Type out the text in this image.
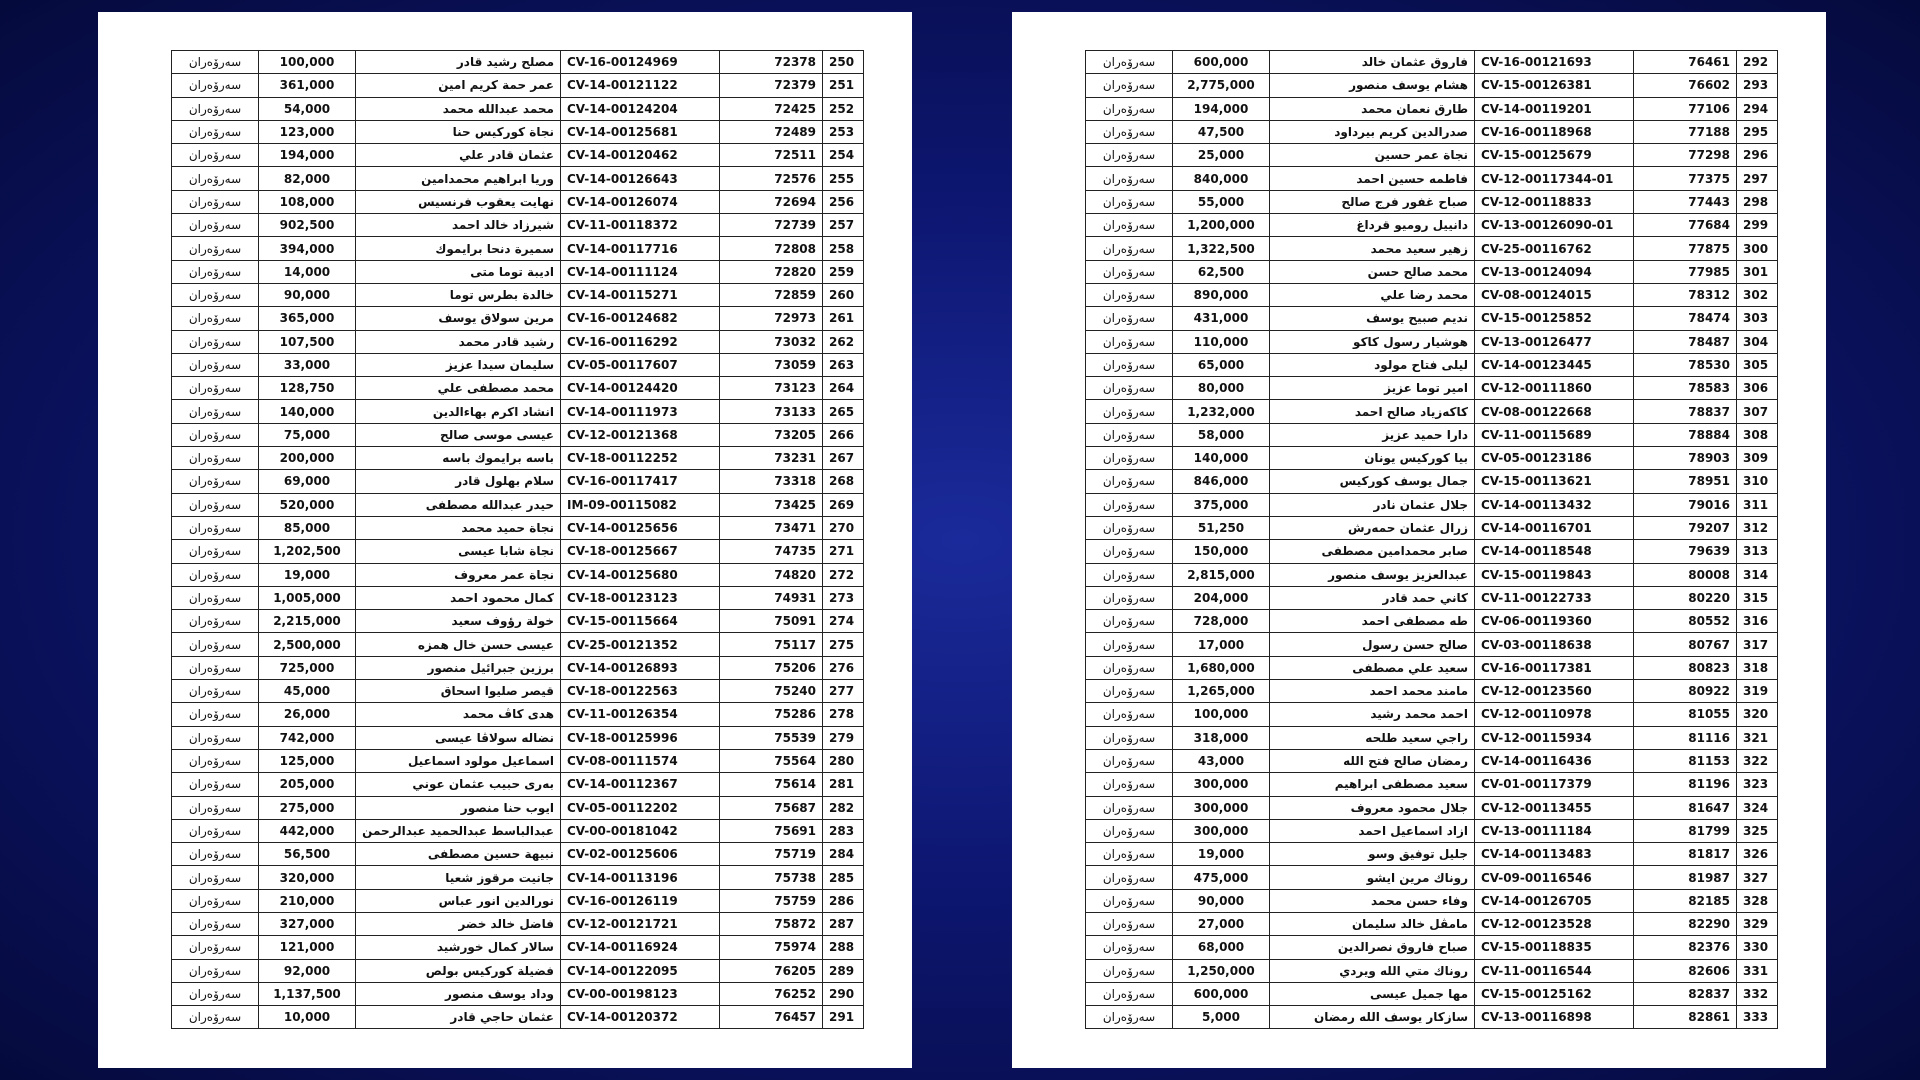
سەرۆەران	100,000	مصلح رشيد قادر	CV-16-00124969	72378	250
سەرۆەران	361,000	عمر حمة كريم امين	CV-14-00121122	72379	251
سەرۆەران	54,000	محمد عبدالله محمد	CV-14-00124204	72425	252
سەرۆەران	123,000	نجاة كوركيس حنا	CV-14-00125681	72489	253
سەرۆەران	194,000	عثمان قادر علي	CV-14-00120462	72511	254
سەرۆەران	82,000	وريا ابراهيم محمدامين	CV-14-00126643	72576	255
سەرۆەران	108,000	نهايت يعقوب فرنسيس	CV-14-00126074	72694	256
سەرۆەران	902,500	شيرزاد خالد احمد	CV-11-00118372	72739	257
سەرۆەران	394,000	سميرة دنحا برايموك	CV-14-00117716	72808	258
سەرۆەران	14,000	اديبة توما متى	CV-14-00111124	72820	259
سەرۆەران	90,000	خالدة بطرس توما	CV-14-00115271	72859	260
سەرۆەران	365,000	مرين سولاق يوسف	CV-16-00124682	72973	261
سەرۆەران	107,500	رشيد قادر محمد	CV-16-00116292	73032	262
سەرۆەران	33,000	سليمان سيدا عزيز	CV-05-00117607	73059	263
سەرۆەران	128,750	محمد مصطفى علي	CV-14-00124420	73123	264
سەرۆەران	140,000	انشاد اكرم بهاءالدين	CV-14-00111973	73133	265
سەرۆەران	75,000	عيسى موسى صالح	CV-12-00121368	73205	266
سەرۆەران	200,000	باسه برايموك باسه	CV-18-00112252	73231	267
سەرۆەران	69,000	سلام بهلول قادر	CV-16-00117417	73318	268
سەرۆەران	520,000	حيدر عبدالله مصطفى	IM-09-00115082	73425	269
سەرۆەران	85,000	نجاة حميد محمد	CV-14-00125656	73471	270
سەرۆەران	1,202,500	نجاة شابا عيسى	CV-18-00125667	74735	271
سەرۆەران	19,000	نجاة عمر معروف	CV-14-00125680	74820	272
سەرۆەران	1,005,000	كمال محمود احمد	CV-18-00123123	74931	273
سەرۆەران	2,215,000	خولة رؤوف سعيد	CV-15-00115664	75091	274
سەرۆەران	2,500,000	عيسى حسن خال همزه	CV-25-00121352	75117	275
سەرۆەران	725,000	برزين جبرائيل منصور	CV-14-00126893	75206	276
سەرۆەران	45,000	قيصر صليوا اسحاق	CV-18-00122563	75240	277
سەرۆەران	26,000	هدى كاڤ محمد	CV-11-00126354	75286	278
سەرۆەران	742,000	نضاله سولاڤا عيسى	CV-18-00125996	75539	279
سەرۆەران	125,000	اسماعيل مولود اسماعيل	CV-08-00111574	75564	280
سەرۆەران	205,000	بەرى حبيب عثمان عوني	CV-14-00112367	75614	281
سەرۆەران	275,000	ايوب حنا منصور	CV-05-00112202	75687	282
سەرۆەران	442,000	عبدالباسط عبدالحميد عبدالرحمن	CV-00-00181042	75691	283
سەرۆەران	56,500	نبيهة حسين مصطفى	CV-02-00125606	75719	284
سەرۆەران	320,000	جانيت مرقوز شعيا	CV-14-00113196	75738	285
سەرۆەران	210,000	نورالدين انور عباس	CV-16-00126119	75759	286
سەرۆەران	327,000	فاضل خالد خضر	CV-12-00121721	75872	287
سەرۆەران	121,000	سالار كمال خورشيد	CV-14-00116924	75974	288
سەرۆەران	92,000	فضيلة كوركيس بولص	CV-14-00122095	76205	289
سەرۆەران	1,137,500	وداد يوسف منصور	CV-00-00198123	76252	290
سەرۆەران	10,000	عثمان حاجي قادر	CV-14-00120372	76457	291
سەرۆەران	600,000	فاروق عثمان خالد	CV-16-00121693	76461	292
سەرۆەران	2,775,000	هشام يوسف منصور	CV-15-00126381	76602	293
سەرۆەران	194,000	طارق نعمان محمد	CV-14-00119201	77106	294
سەرۆەران	47,500	صدرالدين كريم بيرداود	CV-16-00118968	77188	295
سەرۆەران	25,000	نجاة عمر حسين	CV-15-00125679	77298	296
سەرۆەران	840,000	فاطمه حسين احمد	CV-12-00117344-01	77375	297
سەرۆەران	55,000	صباح غفور فرج صالح	CV-12-00118833	77443	298
سەرۆەران	1,200,000	دانييل روميو قرداغ	CV-13-00126090-01	77684	299
سەرۆەران	1,322,500	زهير سعيد محمد	CV-25-00116762	77875	300
سەرۆەران	62,500	محمد صالح حسن	CV-13-00124094	77985	301
سەرۆەران	890,000	محمد رضا علي	CV-08-00124015	78312	302
سەرۆەران	431,000	نديم صبيح يوسف	CV-15-00125852	78474	303
سەرۆەران	110,000	هوشيار رسول كاكو	CV-13-00126477	78487	304
سەرۆەران	65,000	ليلى فتاح مولود	CV-14-00123445	78530	305
سەرۆەران	80,000	امير توما عزيز	CV-12-00111860	78583	306
سەرۆەران	1,232,000	كاكەزياد صالح احمد	CV-08-00122668	78837	307
سەرۆەران	58,000	دارا حميد عزيز	CV-11-00115689	78884	308
سەرۆەران	140,000	بيا كوركيس يونان	CV-05-00123186	78903	309
سەرۆەران	846,000	جمال يوسف كوركيس	CV-15-00113621	78951	310
سەرۆەران	375,000	جلال عثمان نادر	CV-14-00113432	79016	311
سەرۆەران	51,250	زرال عثمان حمەرش	CV-14-00116701	79207	312
سەرۆەران	150,000	صابر محمدامين مصطفى	CV-14-00118548	79639	313
سەرۆەران	2,815,000	عبدالعزيز يوسف منصور	CV-15-00119843	80008	314
سەرۆەران	204,000	كاني حمد قادر	CV-11-00122733	80220	315
سەرۆەران	728,000	طه مصطفى احمد	CV-06-00119360	80552	316
سەرۆەران	17,000	صالح حسن رسول	CV-03-00118638	80767	317
سەرۆەران	1,680,000	سعيد علي مصطفى	CV-16-00117381	80823	318
سەرۆەران	1,265,000	مامند محمد احمد	CV-12-00123560	80922	319
سەرۆەران	100,000	احمد محمد رشيد	CV-12-00110978	81055	320
سەرۆەران	318,000	راجي سعيد طلحه	CV-12-00115934	81116	321
سەرۆەران	43,000	رمضان صالح فتح الله	CV-14-00116436	81153	322
سەرۆەران	300,000	سعيد مصطفى ابراهيم	CV-01-00117379	81196	323
سەرۆەران	300,000	جلال محمود معروف	CV-12-00113455	81647	324
سەرۆەران	300,000	ازاد اسماعيل احمد	CV-13-00111184	81799	325
سەرۆەران	19,000	جليل توفيق وسو	CV-14-00113483	81817	326
سەرۆەران	475,000	روناك مرين ايشو	CV-09-00116546	81987	327
سەرۆەران	90,000	وفاء حسن محمد	CV-14-00126705	82185	328
سەرۆەران	27,000	مامڤل خالد سليمان	CV-12-00123528	82290	329
سەرۆەران	68,000	صباح فاروق نصرالدين	CV-15-00118835	82376	330
سەرۆەران	1,250,000	روناك متي الله ويردي	CV-11-00116544	82606	331
سەرۆەران	600,000	مها جميل عيسى	CV-15-00125162	82837	332
سەرۆەران	5,000	سازكار يوسف الله رمضان	CV-13-00116898	82861	333
